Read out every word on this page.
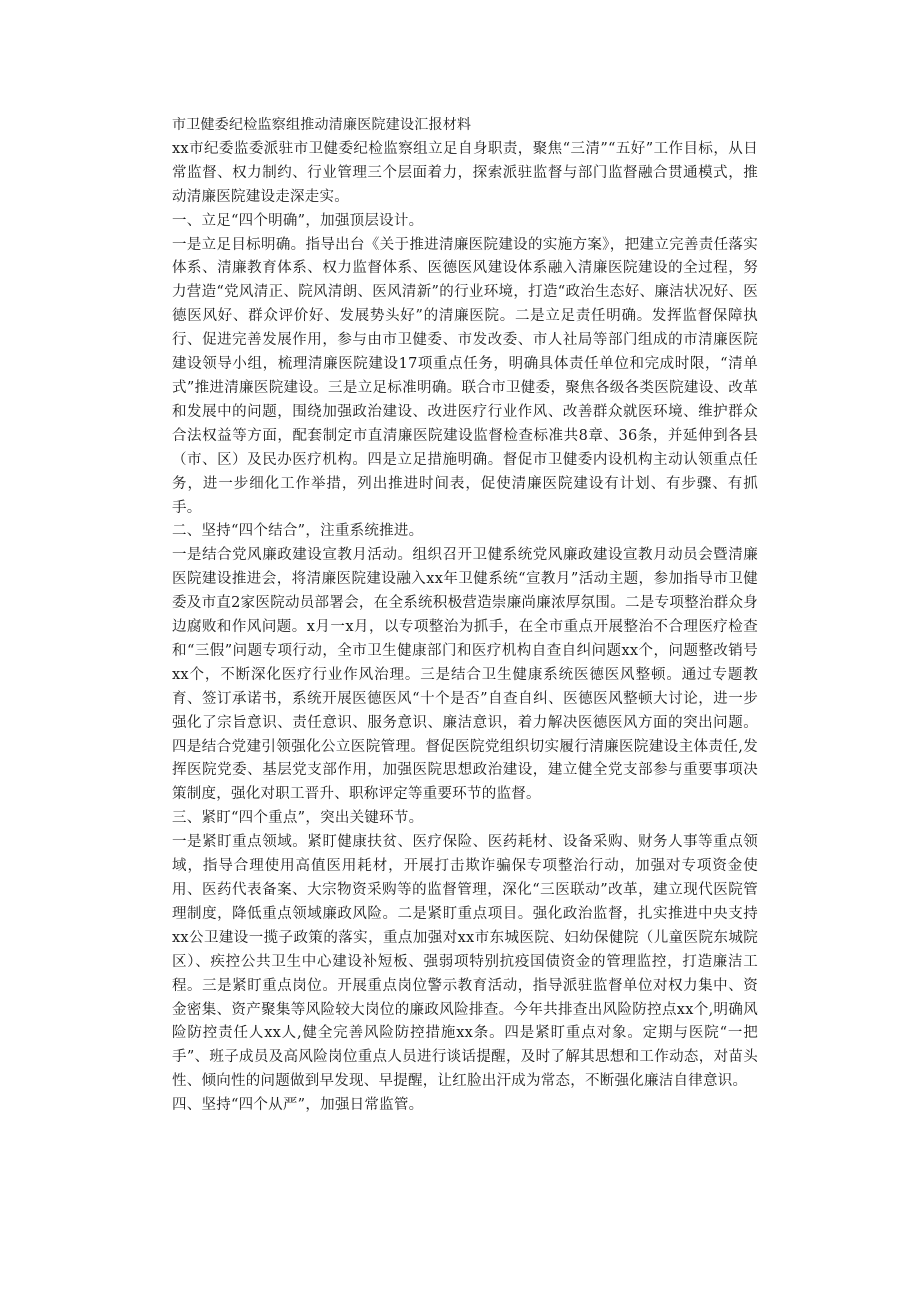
市卫健委纪检监察组推动清廉医院建设汇报材料

xx市纪委监委派驻市卫健委纪检监察组立足自身职责，聚焦“三清”“五好”工作目标，从日常监督、权力制约、行业管理三个层面着力，探索派驻监督与部门监督融合贯通模式，推动清廉医院建设走深走实。

一、立足“四个明确”，加强顶层设计。

一是立足目标明确。指导出台《关于推进清廉医院建设的实施方案》，把建立完善责任落实体系、清廉教育体系、权力监督体系、医德医风建设体系融入清廉医院建设的全过程，努力营造“党风清正、院风清朗、医风清新”的行业环境，打造“政治生态好、廉洁状况好、医德医风好、群众评价好、发展势头好”的清廉医院。二是立足责任明确。发挥监督保障执行、促进完善发展作用，参与由市卫健委、市发改委、市人社局等部门组成的市清廉医院建设领导小组，梳理清廉医院建设17项重点任务，明确具体责任单位和完成时限，“清单式”推进清廉医院建设。三是立足标准明确。联合市卫健委，聚焦各级各类医院建设、改革和发展中的问题，围绕加强政治建设、改进医疗行业作风、改善群众就医环境、维护群众合法权益等方面，配套制定市直清廉医院建设监督检查标准共8章、36条，并延伸到各县（市、区）及民办医疗机构。四是立足措施明确。督促市卫健委内设机构主动认领重点任务，进一步细化工作举措，列出推进时间表，促使清廉医院建设有计划、有步骤、有抓手。

二、坚持“四个结合”，注重系统推进。

一是结合党风廉政建设宣教月活动。组织召开卫健系统党风廉政建设宣教月动员会暨清廉医院建设推进会，将清廉医院建设融入xx年卫健系统“宣教月”活动主题，参加指导市卫健委及市直2家医院动员部署会，在全系统积极营造崇廉尚廉浓厚氛围。二是专项整治群众身边腐败和作风问题。x月一x月，以专项整治为抓手，在全市重点开展整治不合理医疗检查和“三假”问题专项行动，全市卫生健康部门和医疗机构自查自纠问题xx个，问题整改销号xx个，不断深化医疗行业作风治理。三是结合卫生健康系统医德医风整顿。通过专题教育、签订承诺书，系统开展医德医风“十个是否”自查自纠、医德医风整顿大讨论，进一步强化了宗旨意识、责任意识、服务意识、廉洁意识，着力解决医德医风方面的突出问题。四是结合党建引领强化公立医院管理。督促医院党组织切实履行清廉医院建设主体责任,发挥医院党委、基层党支部作用，加强医院思想政治建设，建立健全党支部参与重要事项决策制度，强化对职工晋升、职称评定等重要环节的监督。

三、紧盯“四个重点”，突出关键环节。

一是紧盯重点领域。紧盯健康扶贫、医疗保险、医药耗材、设备采购、财务人事等重点领域，指导合理使用高值医用耗材，开展打击欺诈骗保专项整治行动，加强对专项资金使用、医药代表备案、大宗物资采购等的监督管理，深化“三医联动”改革，建立现代医院管理制度，降低重点领域廉政风险。二是紧盯重点项目。强化政治监督，扎实推进中央支持xx公卫建设一揽子政策的落实，重点加强对xx市东城医院、妇幼保健院（儿童医院东城院区）、疾控公共卫生中心建设补短板、强弱项特别抗疫国债资金的管理监控，打造廉洁工程。三是紧盯重点岗位。开展重点岗位警示教育活动，指导派驻监督单位对权力集中、资金密集、资产聚集等风险较大岗位的廉政风险排查。今年共排查出风险防控点xx个,明确风险防控责任人xx人,健全完善风险防控措施xx条。四是紧盯重点对象。定期与医院“一把手”、班子成员及高风险岗位重点人员进行谈话提醒，及时了解其思想和工作动态，对苗头性、倾向性的问题做到早发现、早提醒，让红脸出汗成为常态，不断强化廉洁自律意识。

四、坚持“四个从严”，加强日常监管。
